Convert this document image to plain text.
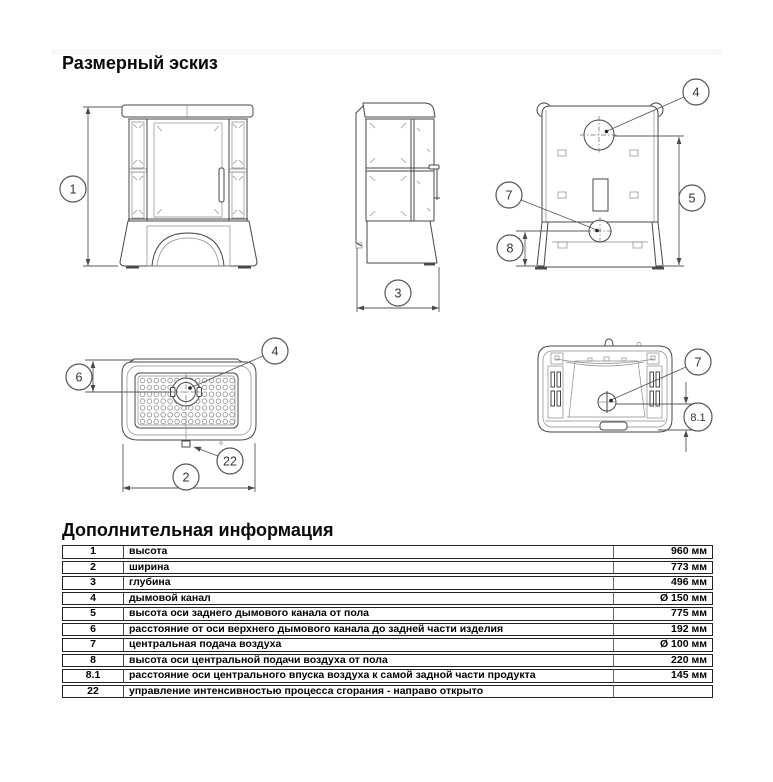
Размерный эскиз
1
3
4
5
7
8
4
6
22
2
7
8.1
Дополнительная информация
1	высота	960 мм
2	ширина	773 мм
3	глубина	496 мм
4	дымовой канал	Ø 150 мм
5	высота оси заднего дымового канала от пола	775 мм
6	расстояние от оси верхнего дымового канала до задней части изделия	192 мм
7	центральная подача воздуха	Ø 100 мм
8	высота оси центральной подачи воздуха от пола	220 мм
8.1	расстояние оси центрального впуска воздуха к самой задной части продукта	145 мм
22	управление интенсивностью процесса сгорания - направо открыто	
